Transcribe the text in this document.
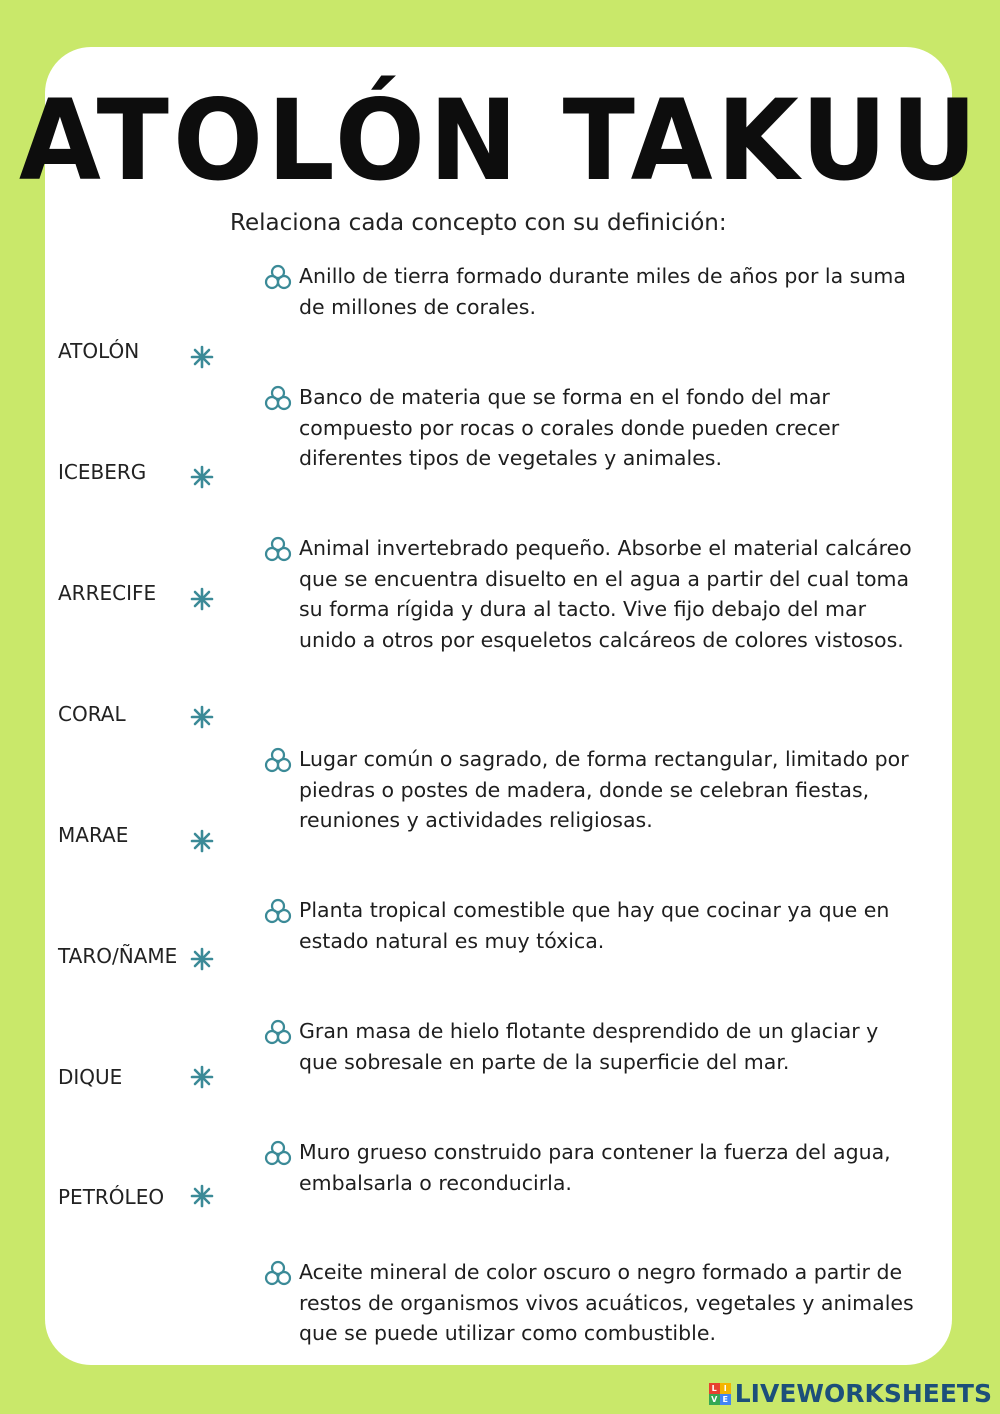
ATOLÓN TAKUU
Relaciona cada concepto con su definición:
ATOLÓN
ICEBERG
ARRECIFE
CORAL
MARAE
TARO/ÑAME
DIQUE
PETRÓLEO
Anillo de tierra formado durante miles de años por la suma de millones de corales.
Banco de materia que se forma en el fondo del mar compuesto por rocas o corales donde pueden crecer diferentes tipos de vegetales y animales.
Animal invertebrado pequeño. Absorbe el material calcáreo que se encuentra disuelto en el agua a partir del cual toma su forma rígida y dura al tacto. Vive fijo debajo del mar unido a otros por esqueletos calcáreos de colores vistosos.
Lugar común o sagrado, de forma rectangular, limitado por piedras o postes de madera, donde se celebran fiestas, reuniones y actividades religiosas.
Planta tropical comestible que hay que cocinar ya que en estado natural es muy tóxica.
Gran masa de hielo flotante desprendido de un glaciar y que sobresale en parte de la superficie del mar.
Muro grueso construido para contener la fuerza del agua, embalsarla o reconducirla.
Aceite mineral de color oscuro o negro formado a partir de restos de organismos vivos acuáticos, vegetales y animales que se puede utilizar como combustible.
L I
V E LIVEWORKSHEETS
